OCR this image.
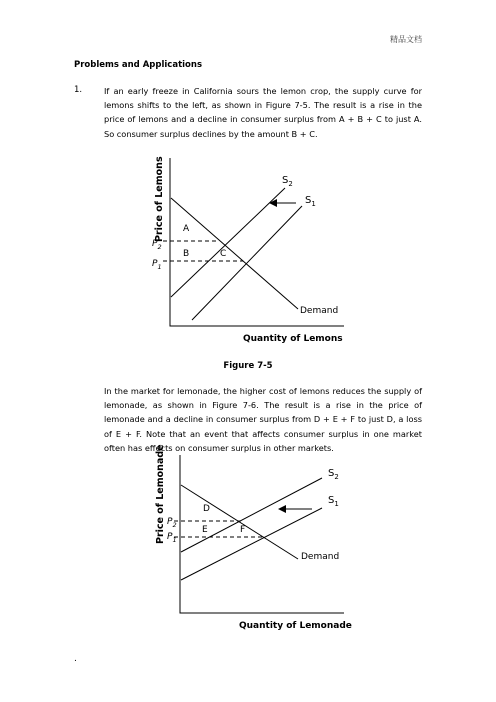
精品文档
Problems and Applications
1.	If an early freeze in California sours the lemon crop, the supply curve for lemons shifts to the left, as shown in Figure 7-5. The result is a rise in the price of lemons and a decline in consumer surplus from A + B + C to just A. So consumer surplus declines by the amount B + C.
Figure 7-5
In the market for lemonade, the higher cost of lemons reduces the supply of lemonade, as shown in Figure 7-6. The result is a rise in the price of lemonade and a decline in consumer surplus from D + E + F to just D, a loss of E + F. Note that an event that affects consumer surplus in one market often has effects on consumer surplus in other markets.
.
Price of Lemons
Quantity of Lemons
$S_2$
$S_1$
Demand
$P_2$
$P_1$
A
B	C
Price of Lemonade
Quantity of Lemonade
$S_2$
$S_1$
Demand
$P_2$
$P_1$
D
E	F
